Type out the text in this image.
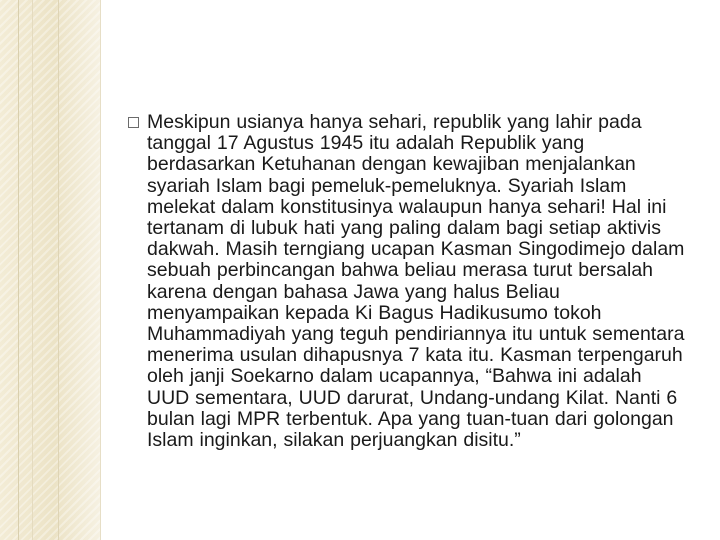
Meskipun usianya hanya sehari, republik yang lahir pada tanggal 17 Agustus 1945 itu adalah Republik yang berdasarkan Ketuhanan dengan kewajiban menjalankan syariah Islam bagi pemeluk-pemeluknya. Syariah Islam melekat dalam konstitusinya walaupun hanya sehari! Hal ini tertanam di lubuk hati yang paling dalam bagi setiap aktivis dakwah. Masih terngiang ucapan Kasman Singodimejo dalam sebuah perbincangan bahwa beliau merasa turut bersalah karena dengan bahasa Jawa yang halus Beliau menyampaikan kepada Ki Bagus Hadikusumo tokoh Muhammadiyah yang teguh pendiriannya itu untuk sementara menerima usulan dihapusnya 7 kata itu. Kasman terpengaruh oleh janji Soekarno dalam ucapannya, “Bahwa ini adalah UUD sementara, UUD darurat, Undang-undang Kilat. Nanti 6 bulan lagi MPR terbentuk. Apa yang tuan-tuan dari golongan Islam inginkan, silakan perjuangkan disitu.”
